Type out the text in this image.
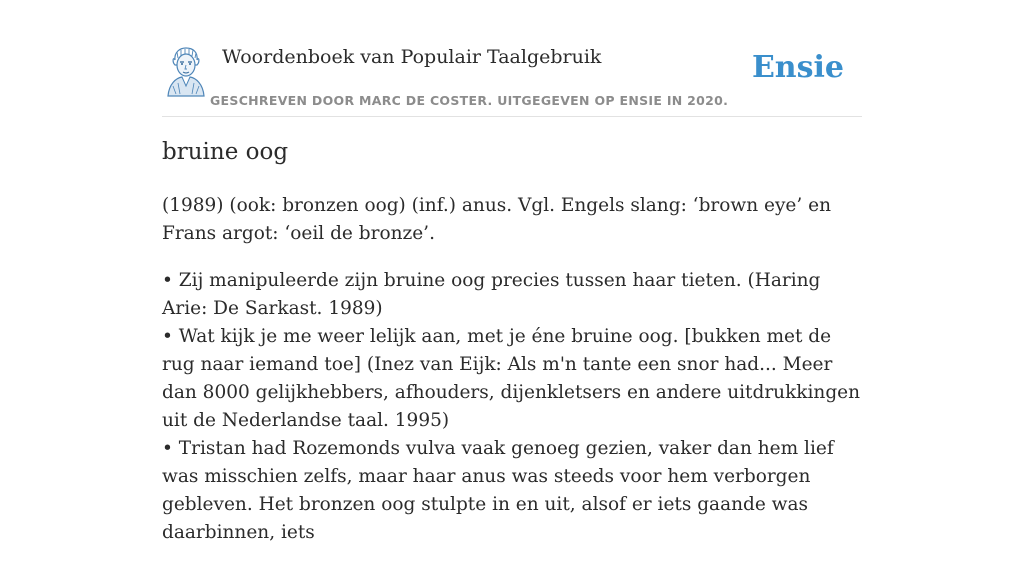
Woordenboek van Populair Taalgebruik
GESCHREVEN DOOR MARC DE COSTER. UITGEGEVEN OP ENSIE IN 2020.
Ensie
bruine oog

(1989) (ook: bronzen oog) (inf.) anus. Vgl. Engels slang: ‘brown eye’ en Frans argot: ‘oeil de bronze’.

• Zij manipuleerde zijn bruine oog precies tussen haar tieten. (Haring Arie: De Sarkast. 1989)
• Wat kijk je me weer lelijk aan, met je éne bruine oog. [bukken met de rug naar iemand toe] (Inez van Eijk: Als m'n tante een snor had... Meer dan 8000 gelijkhebbers, afhouders, dijenkletsers en andere uitdrukkingen uit de Nederlandse taal. 1995)
• Tristan had Rozemonds vulva vaak genoeg gezien, vaker dan hem lief was misschien zelfs, maar haar anus was steeds voor hem verborgen gebleven. Het bronzen oog stulpte in en uit, alsof er iets gaande was daarbinnen, iets
